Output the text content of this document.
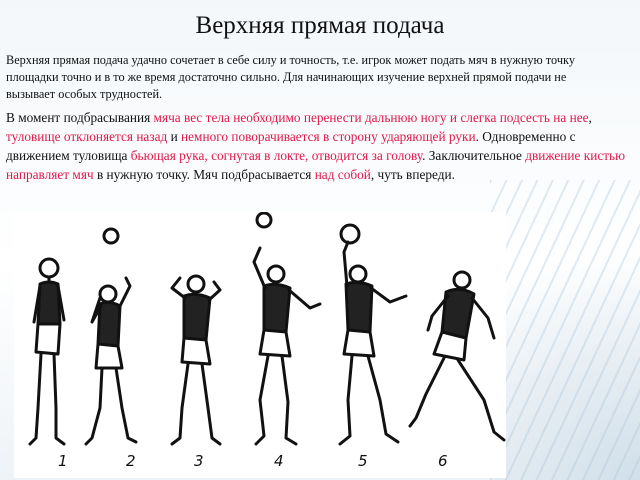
Верхняя прямая подача

Верхняя прямая подача удачно сочетает в себе силу и точность, т.е. игрок может подать мяч в нужную точку площадки точно и в то же время достаточно сильно. Для начинающих изучение верхней прямой подачи не вызывает особых трудностей.

В момент подбрасывания мяча вес тела необходимо перенести дальнюю ногу и слегка подсесть на нее, туловище отклоняется назад и немного поворачивается в сторону ударяющей руки. Одновременно с движением туловища бьющая рука, согнутая в локте, отводится за голову. Заключительное движение кистью направляет мяч в нужную точку. Мяч подбрасывается над собой, чуть впереди.

1	2	3	4	5	6
